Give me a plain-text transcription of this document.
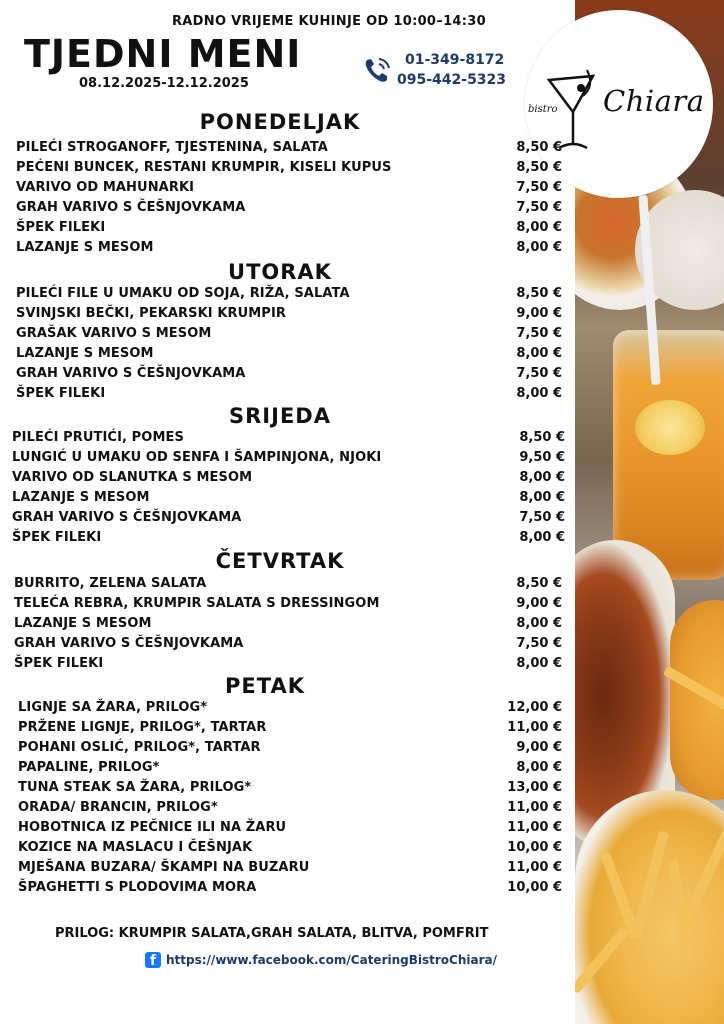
bistro Chiara
RADNO VRIJEME KUHINJE OD 10:00–14:30
TJEDNI MENI
08.12.2025-12.12.2025
01-349-8172
095-442-5323
PONEDELJAK
PILEĆI STROGANOFF, TJESTENINA, SALATA	8,50 €
PEĆENI BUNCEK, RESTANI KRUMPIR, KISELI KUPUS	8,50 €
VARIVO OD MAHUNARKI	7,50 €
GRAH VARIVO S ČEŠNJOVKAMA	7,50 €
ŠPEK FILEKI	8,00 €
LAZANJE S MESOM	8,00 €
UTORAK
PILEĆI FILE U UMAKU OD SOJA, RIŽA, SALATA	8,50 €
SVINJSKI BEČKI, PEKARSKI KRUMPIR	9,00 €
GRAŠAK VARIVO S MESOM	7,50 €
LAZANJE S MESOM	8,00 €
GRAH VARIVO S ČEŠNJOVKAMA	7,50 €
ŠPEK FILEKI	8,00 €
SRIJEDA
PILEĆI PRUTIĆI, POMES	8,50 €
LUNGIĆ U UMAKU OD SENFA I ŠAMPINJONA, NJOKI	9,50 €
VARIVO OD SLANUTKA S MESOM	8,00 €
LAZANJE S MESOM	8,00 €
GRAH VARIVO S ČEŠNJOVKAMA	7,50 €
ŠPEK FILEKI	8,00 €
ČETVRTAK
BURRITO, ZELENA SALATA	8,50 €
TELEĆA REBRA, KRUMPIR SALATA S DRESSINGOM	9,00 €
LAZANJE S MESOM	8,00 €
GRAH VARIVO S ČEŠNJOVKAMA	7,50 €
ŠPEK FILEKI	8,00 €
PETAK
LIGNJE SA ŽARA, PRILOG*	12,00 €
PRŽENE LIGNJE, PRILOG*, TARTAR	11,00 €
POHANI OSLIĆ, PRILOG*, TARTAR	9,00 €
PAPALINE, PRILOG*	8,00 €
TUNA STEAK SA ŽARA, PRILOG*	13,00 €
ORADA/ BRANCIN, PRILOG*	11,00 €
HOBOTNICA IZ PEČNICE ILI NA ŽARU	11,00 €
KOZICE NA MASLACU I ČEŠNJAK	10,00 €
MJEŠANA BUZARA/ ŠKAMPI NA BUZARU	11,00 €
ŠPAGHETTI S PLODOVIMA MORA	10,00 €
PRILOG: KRUMPIR SALATA,GRAH SALATA, BLITVA, POMFRIT
f https://www.facebook.com/CateringBistroChiara/
